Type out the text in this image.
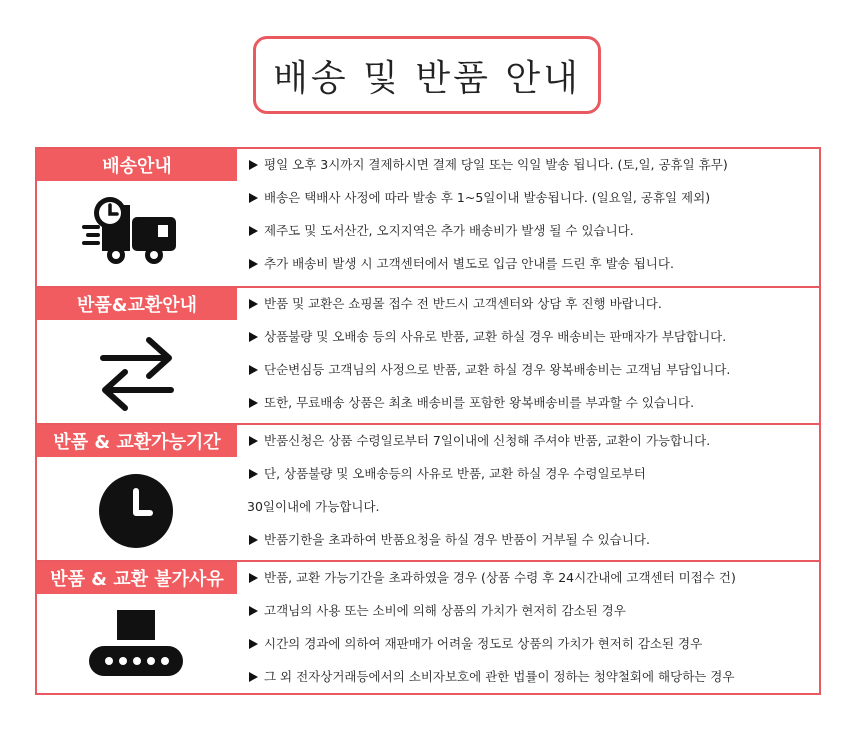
배송 및 반품 안내
배송안내	평일 오후 3시까지 결제하시면 결제 당일 또는 익일 발송 됩니다. (토,일, 공휴일 휴무)
배송은 택배사 사정에 따라 발송 후 1~5일이내 발송됩니다. (일요일, 공휴일 제외)
제주도 및 도서산간, 오지지역은 추가 배송비가 발생 될 수 있습니다.
추가 배송비 발생 시 고객센터에서 별도로 입금 안내를 드린 후 발송 됩니다.
반품&교환안내	반품 및 교환은 쇼핑몰 접수 전 반드시 고객센터와 상담 후 진행 바랍니다.
상품불량 및 오배송 등의 사유로 반품, 교환 하실 경우 배송비는 판매자가 부담합니다.
단순변심등 고객님의 사정으로 반품, 교환 하실 경우 왕복배송비는 고객님 부담입니다.
또한, 무료배송 상품은 최초 배송비를 포함한 왕복배송비를 부과할 수 있습니다.
반품 & 교환가능기간	반품신청은 상품 수령일로부터 7일이내에 신청해 주셔야 반품, 교환이 가능합니다.
단, 상품불량 및 오배송등의 사유로 반품, 교환 하실 경우 수령일로부터
30일이내에 가능합니다.
반품기한을 초과하여 반품요청을 하실 경우 반품이 거부될 수 있습니다.
반품 & 교환 불가사유	반품, 교환 가능기간을 초과하였을 경우 (상품 수령 후 24시간내에 고객센터 미접수 건)
고객님의 사용 또는 소비에 의해 상품의 가치가 현저히 감소된 경우
시간의 경과에 의하여 재판매가 어려울 정도로 상품의 가치가 현저히 감소된 경우
그 외 전자상거래등에서의 소비자보호에 관한 법률이 정하는 청약철회에 해당하는 경우
